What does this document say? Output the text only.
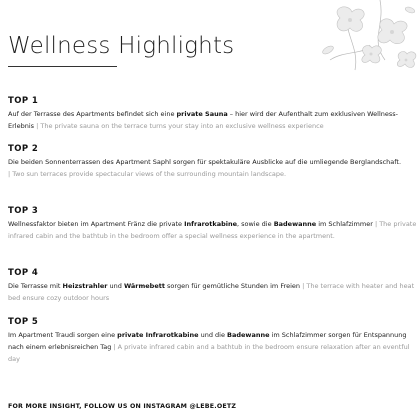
Wellness Highlights
TOP 1

Auf der Terrasse des Apartments befindet sich eine private Sauna – hier wird der Aufenthalt zum exklusiven Wellness-Erlebnis | The private sauna on the terrace turns your stay into an exclusive wellness experience

TOP 2

Die beiden Sonnenterrassen des Apartment Saphl sorgen für spektakuläre Ausblicke auf die umliegende Berglandschaft.
| Two sun terraces provide spectacular views of the surrounding mountain landscape.

TOP 3

Wellnessfaktor bieten im Apartment Fränz die private Infrarotkabine, sowie die Badewanne im Schlafzimmer | The private infrared cabin and the bathtub in the bedroom offer a special wellness experience in the apartment.

TOP 4

Die Terrasse mit Heizstrahler und Wärmebett sorgen für gemütliche Stunden im Freien | The terrace with heater and heat bed ensure cozy outdoor hours

TOP 5

Im Apartment Traudi sorgen eine private Infrarotkabine und die Badewanne im Schlafzimmer sorgen für Entspannung nach einem erlebnisreichen Tag | A private infrared cabin and a bathtub in the bedroom ensure relaxation after an eventful day

FOR MORE INSIGHT, FOLLOW US ON INSTAGRAM @LEBE.OETZ
